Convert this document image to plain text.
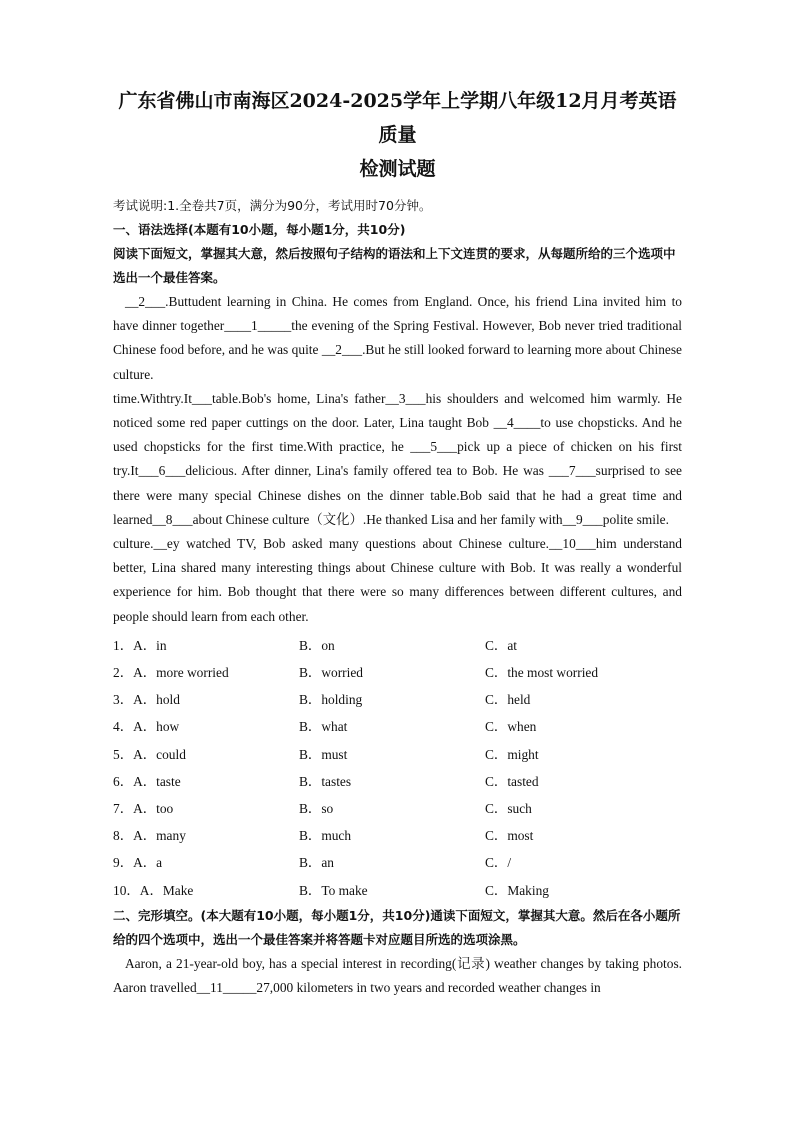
广东省佛山市南海区2024-2025学年上学期八年级12月月考英语质量
检测试题

考试说明:1.全卷共7页，满分为90分，考试用时70分钟。

一、语法选择(本题有10小题，每小题1分，共10分)

阅读下面短文，掌握其大意，然后按照句子结构的语法和上下文连贯的要求，从每题所给的三个选项中选出一个最佳答案。

__2___.Buttudent learning in China. He comes from England. Once, his friend Lina invited him to have dinner together____1_____the evening of the Spring Festival. However, Bob never tried traditional Chinese food before, and he was quite __2___.But he still looked forward to learning more about Chinese culture.

time.Withtry.It___table.Bob's home, Lina's father__3___his shoulders and welcomed him warmly. He noticed some red paper cuttings on the door. Later, Lina taught Bob __4____to use chopsticks. And he used chopsticks for the first time.With practice, he ___5___pick up a piece of chicken on his first try.It___6___delicious. After dinner, Lina's family offered tea to Bob. He was ___7___surprised to see there were many special Chinese dishes on the dinner table.Bob said that he had a great time and learned__8___about Chinese culture（文化）.He thanked Lisa and her family with__9___polite smile.

culture.__ey watched TV, Bob asked many questions about Chinese culture.__10___him understand better, Lina shared many interesting things about Chinese culture with Bob. It was really a wonderful experience for him. Bob thought that there were so many differences between different cultures, and people should learn from each other.

1．A．in	B．on	C．at
2．A．more worried	B．worried	C．the most worried
3．A．hold	B．holding	C．held
4．A．how	B．what	C．when
5．A．could	B．must	C．might
6．A．taste	B．tastes	C．tasted
7．A．too	B．so	C．such
8．A．many	B．much	C．most
9．A．a	B．an	C．/
10．A．Make	B．To make	C．Making

二、完形填空。(本大题有10小题，每小题1分，共10分)通读下面短文，掌握其大意。然后在各小题所给的四个选项中，选出一个最佳答案并将答题卡对应题目所选的选项涂黑。

Aaron, a 21-year-old boy, has a special interest in recording(记录) weather changes by taking photos. Aaron travelled__11_____27,000 kilometers in two years and recorded weather changes in
